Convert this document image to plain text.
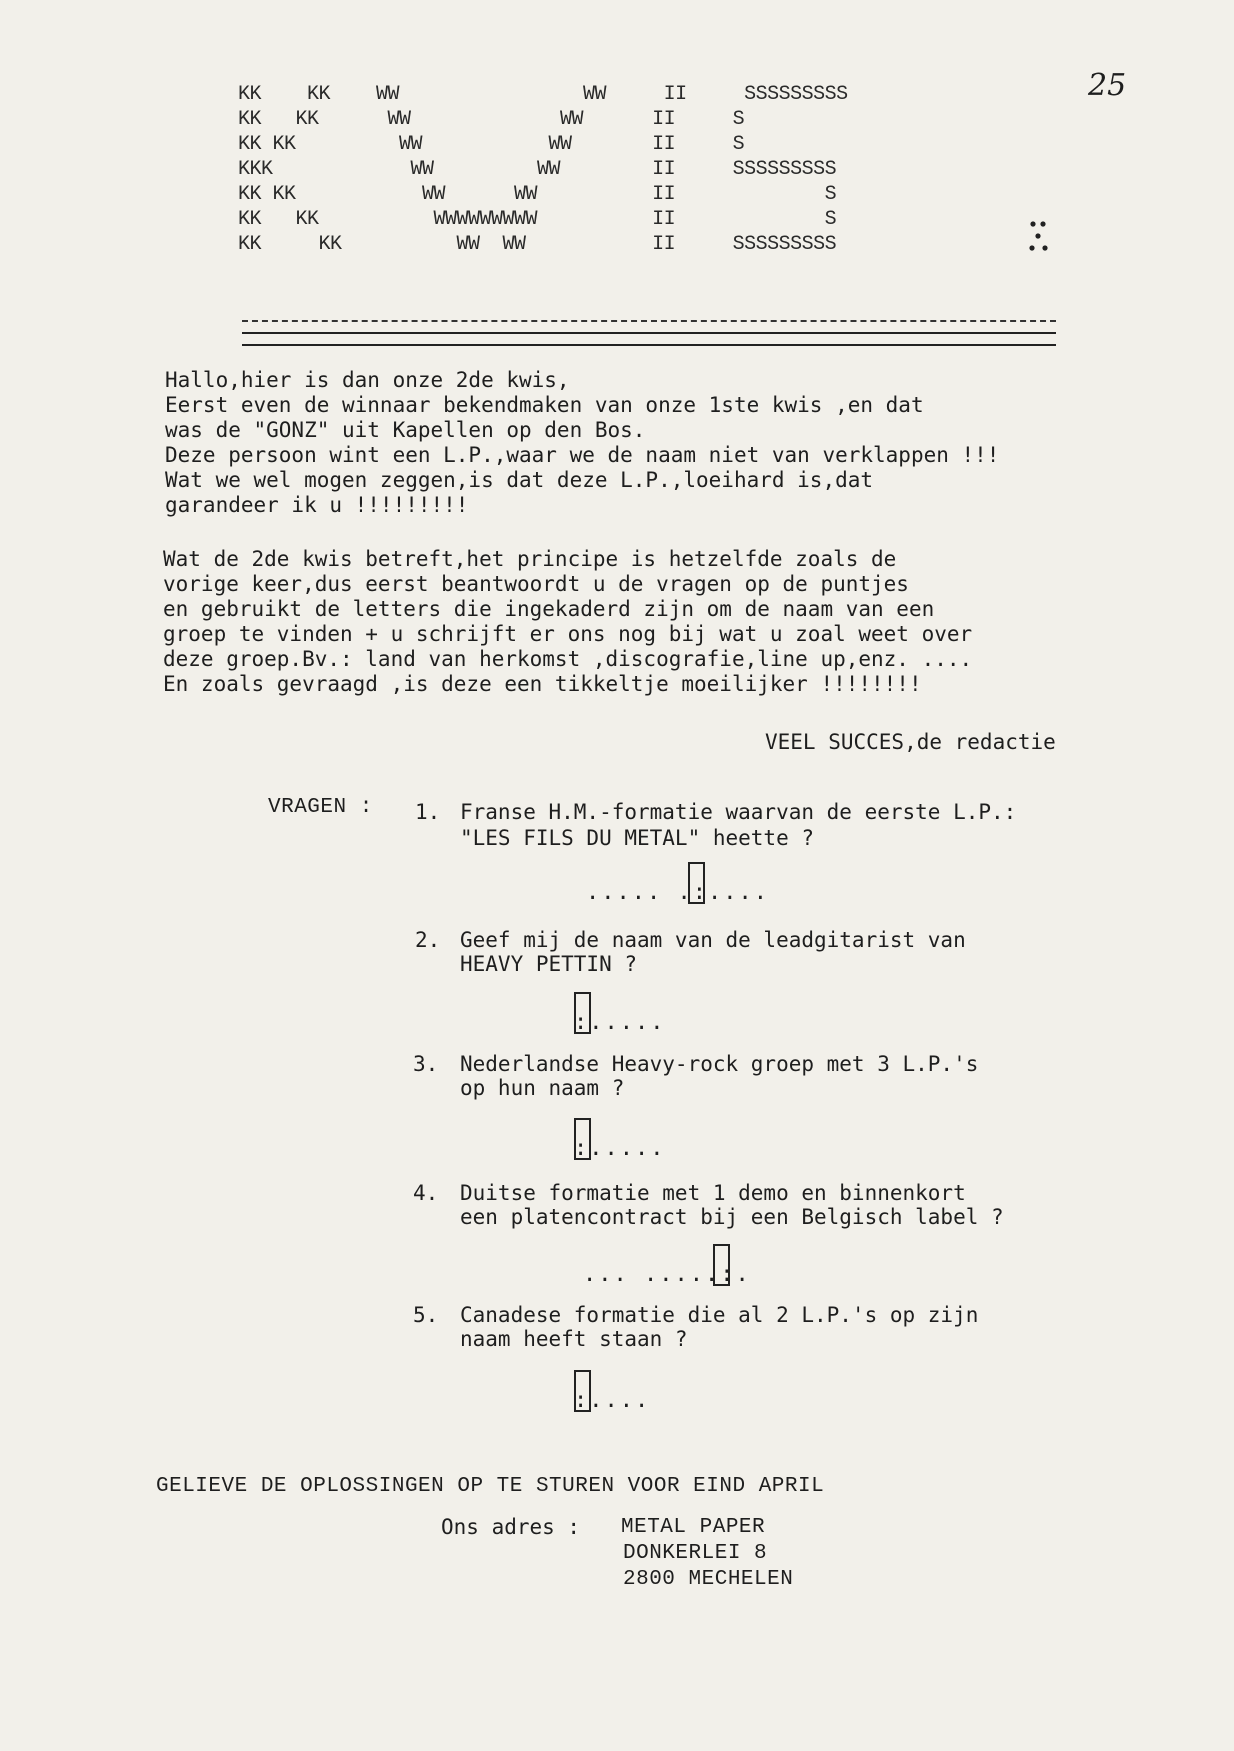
KK    KK    WW                WW     II     SSSSSSSSS
KK   KK      WW             WW      II     S
KK KK         WW           WW       II     S
KKK            WW         WW        II     SSSSSSSSS
KK KK           WW      WW          II             S
KK   KK          WWWWWWWWW          II             S
KK     KK          WW  WW           II     SSSSSSSSS
25
Hallo,hier is dan onze 2de kwis,
Eerst even de winnaar bekendmaken van onze 1ste kwis ,en dat
was de "GONZ" uit Kapellen op den Bos.
Deze persoon wint een L.P.,waar we de naam niet van verklappen !!!
Wat we wel mogen zeggen,is dat deze L.P.,loeihard is,dat
garandeer ik u !!!!!!!!!
Wat de 2de kwis betreft,het principe is hetzelfde zoals de
vorige keer,dus eerst beantwoordt u de vragen op de puntjes
en gebruikt de letters die ingekaderd zijn om de naam van een
groep te vinden + u schrijft er ons nog bij wat u zoal weet over
deze groep.Bv.: land van herkomst ,discografie,line up,enz. ....
En zoals gevraagd ,is deze een tikkeltje moeilijker !!!!!!!!
VEEL SUCCES,de redactie
VRAGEN : 1. Franse H.M.-formatie waarvan de eerste L.P.:
"LES FILS DU METAL" heette ?
..... .:....
2. Geef mij de naam van de leadgitarist van
HEAVY PETTIN ?
:.....
3. Nederlandse Heavy-rock groep met 3 L.P.'s
op hun naam ?
:.....
4. Duitse formatie met 1 demo en binnenkort
een platencontract bij een Belgisch label ?
... .....:.
5. Canadese formatie die al 2 L.P.'s op zijn
naam heeft staan ?
:....
GELIEVE DE OPLOSSINGEN OP TE STUREN VOOR EIND APRIL
Ons adres : METAL PAPER
DONKERLEI 8
2800 MECHELEN
